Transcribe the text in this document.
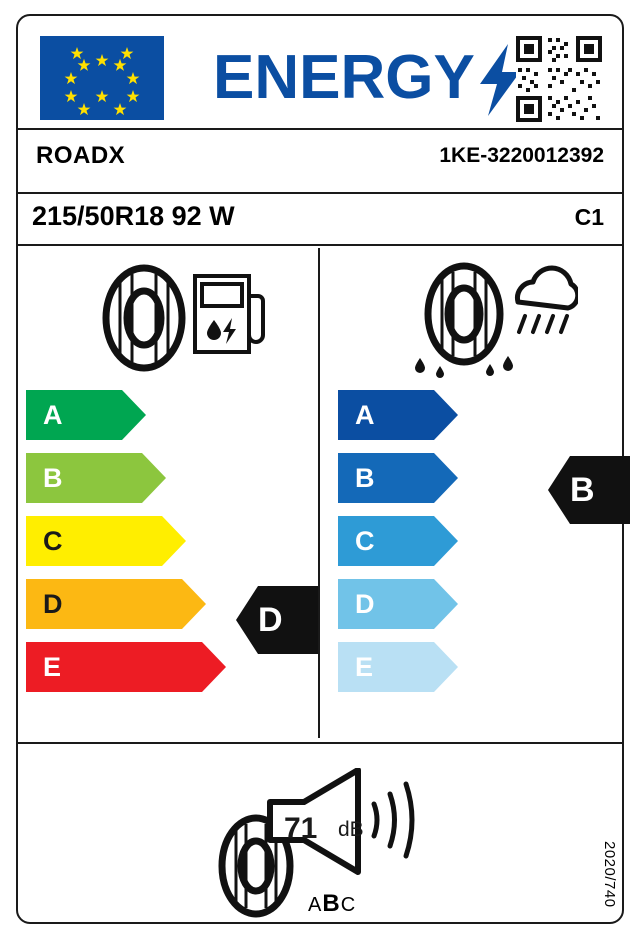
ENERGY
ROADX	1KE-3220012392
215/50R18 92 W	C1
A
B
C
D
E
D
A
B
C
D
E
B
71 dB
ABC	2020/740
